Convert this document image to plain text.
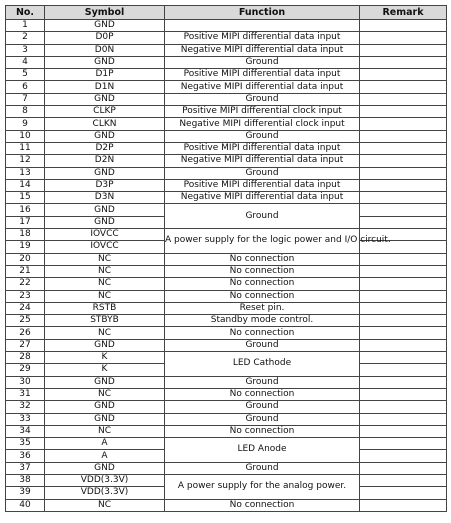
No.	Symbol	Function	Remark
1	GND		
2	D0P	Positive MIPI differential data input	
3	D0N	Negative MIPI differential data input	
4	GND	Ground	
5	D1P	Positive MIPI differential data input	
6	D1N	Negative MIPI differential data input	
7	GND	Ground	
8	CLKP	Positive MIPI differential clock input	
9	CLKN	Negative MIPI differential clock input	
10	GND	Ground	
11	D2P	Positive MIPI differential data input	
12	D2N	Negative MIPI differential data input	
13	GND	Ground	
14	D3P	Positive MIPI differential data input	
15	D3N	Negative MIPI differential data input	
16	GND	Ground	
17	GND		
18	IOVCC	A power supply for the logic power and I/O circuit.	
19	IOVCC		
20	NC	No connection	
21	NC	No connection	
22	NC	No connection	
23	NC	No connection	
24	RSTB	Reset pin.	
25	STBYB	Standby mode control.	
26	NC	No connection	
27	GND	Ground	
28	K	LED Cathode	
29	K		
30	GND	Ground	
31	NC	No connection	
32	GND	Ground	
33	GND	Ground	
34	NC	No connection	
35	A	LED Anode	
36	A		
37	GND	Ground	
38	VDD(3.3V)	A power supply for the analog power.	
39	VDD(3.3V)		
40	NC	No connection	
